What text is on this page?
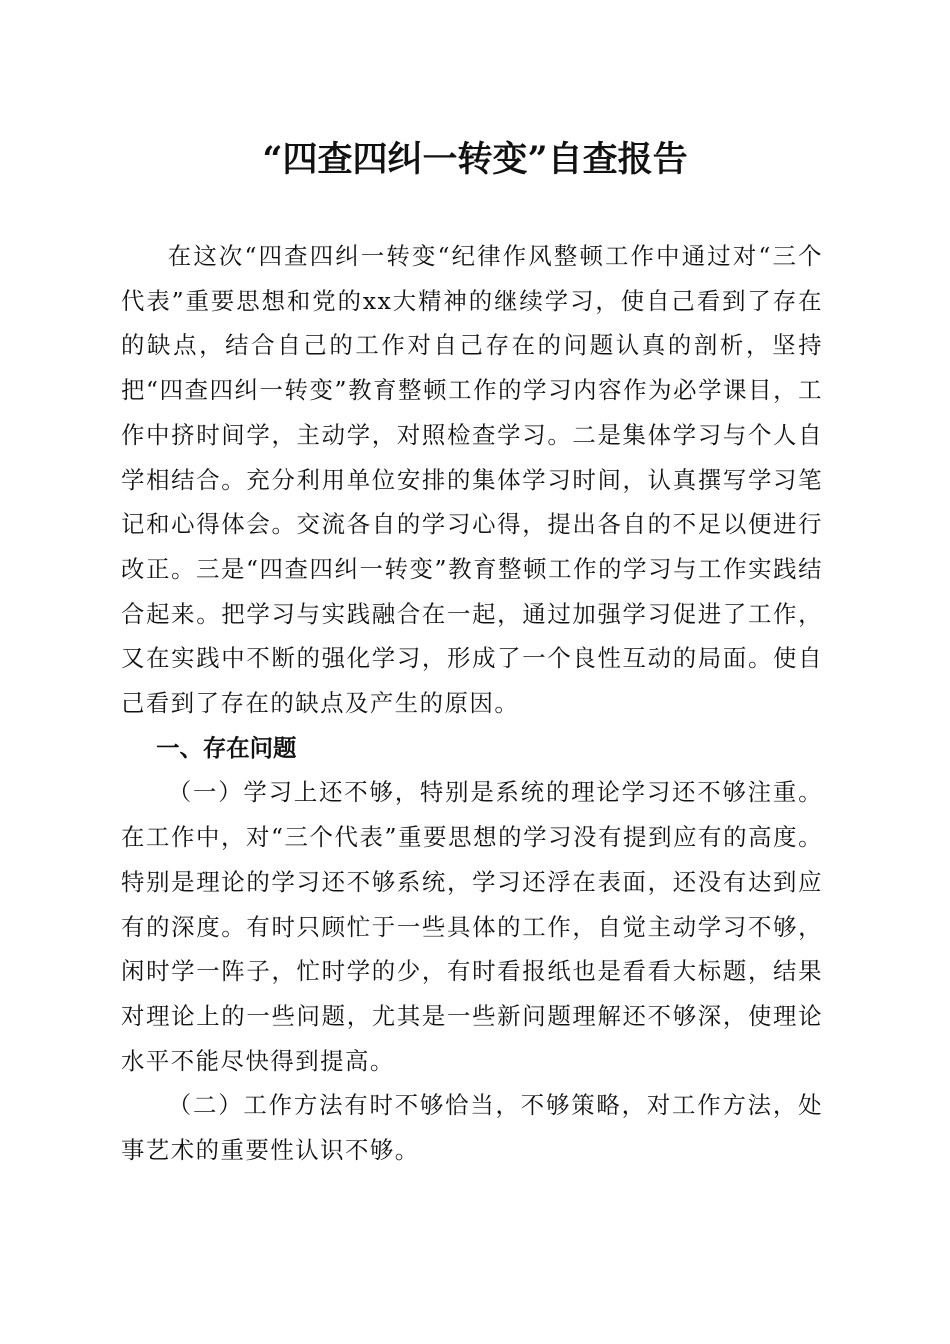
“四查四纠一转变”自查报告

在这次“四查四纠一转变“纪律作风整顿工作中通过对“三个代表”重要思想和党的xx大精神的继续学习，使自己看到了存在的缺点，结合自己的工作对自己存在的问题认真的剖析，坚持把“四查四纠一转变”教育整顿工作的学习内容作为必学课目，工作中挤时间学，主动学，对照检查学习。二是集体学习与个人自学相结合。充分利用单位安排的集体学习时间，认真撰写学习笔记和心得体会。交流各自的学习心得，提出各自的不足以便进行改正。三是“四查四纠一转变”教育整顿工作的学习与工作实践结合起来。把学习与实践融合在一起，通过加强学习促进了工作，又在实践中不断的强化学习，形成了一个良性互动的局面。使自己看到了存在的缺点及产生的原因。

一、存在问题

（一）学习上还不够，特别是系统的理论学习还不够注重。在工作中，对“三个代表”重要思想的学习没有提到应有的高度。特别是理论的学习还不够系统，学习还浮在表面，还没有达到应有的深度。有时只顾忙于一些具体的工作，自觉主动学习不够，闲时学一阵子，忙时学的少，有时看报纸也是看看大标题，结果对理论上的一些问题，尤其是一些新问题理解还不够深，使理论水平不能尽快得到提高。

（二）工作方法有时不够恰当，不够策略，对工作方法，处事艺术的重要性认识不够。
